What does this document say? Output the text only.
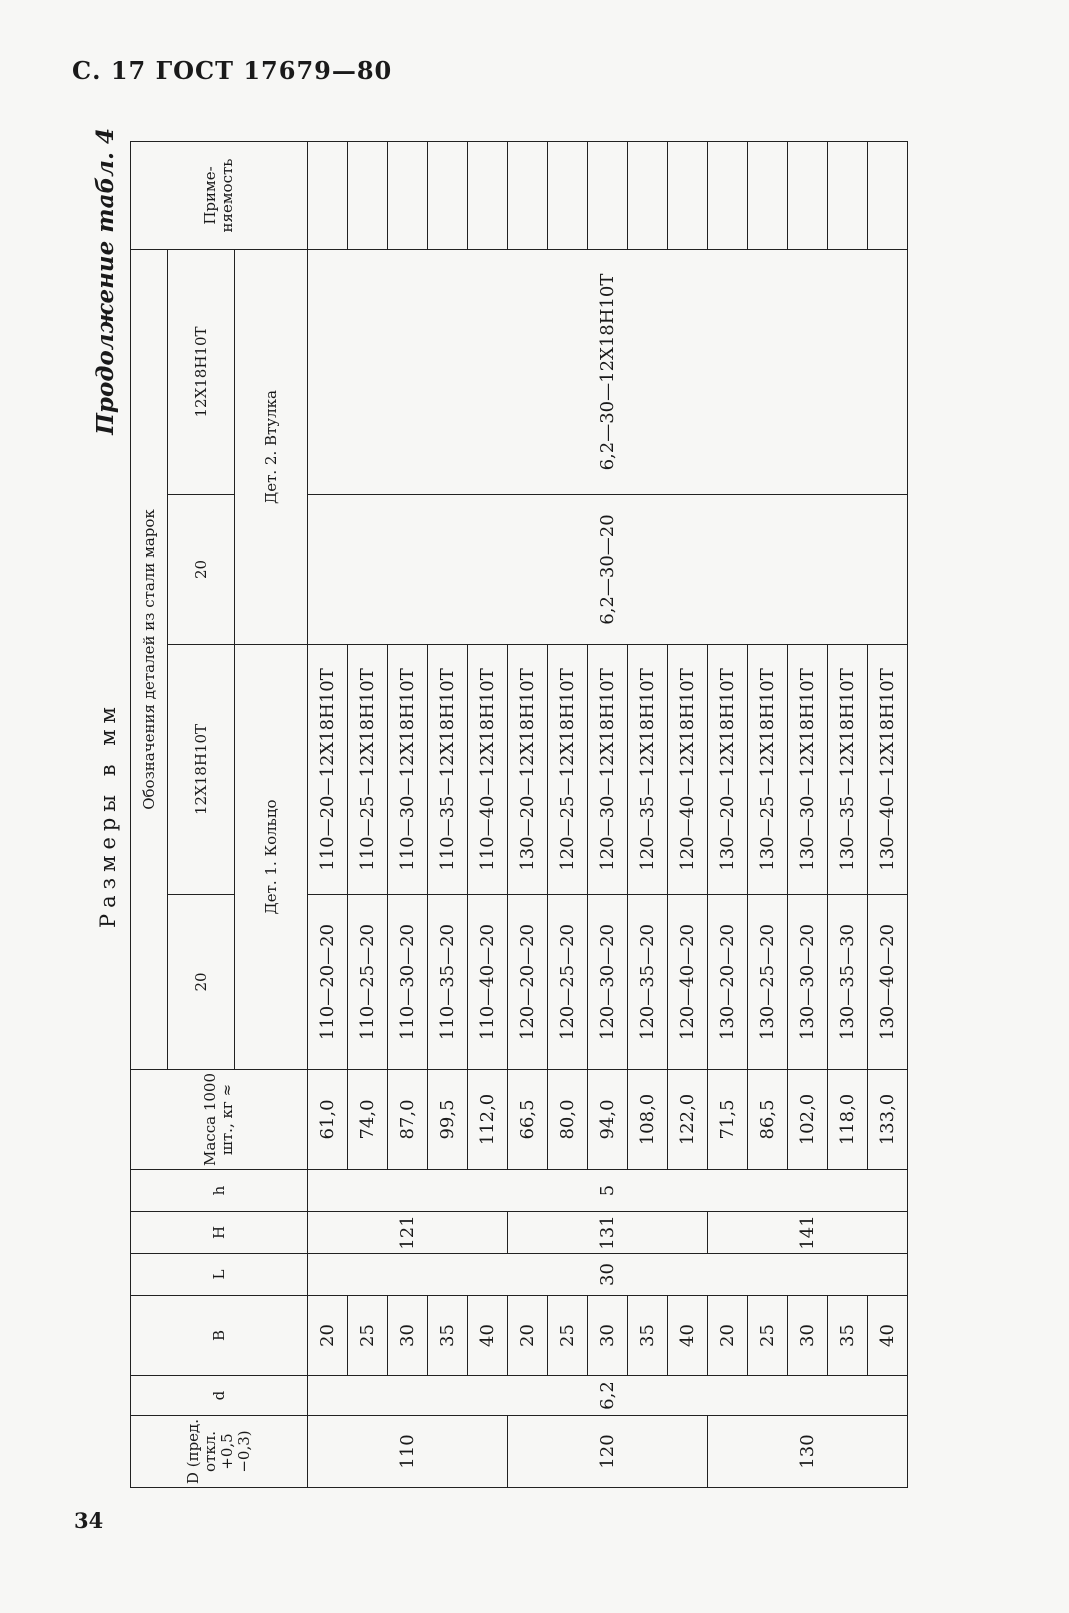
С. 17 ГОСТ 17679—80
Продолжение табл. 4
Размеры в мм
D (пред. откл. +0,5 −0,3)	d	B	L	H	h	Масса 1000 шт., кг ≈	Обозначения деталей из стали марок				Приме-няемость
							20	12Х18Н10Т	20	12Х18Н10Т	
							Дет. 1. Кольцо		Дет. 2. Втулка		
110	6,2	20	30	121	5	61,0	110—20—20	110—20—12Х18Н10Т	6,2—30—20	6,2—30—12Х18Н10Т	
		25				74,0	110—25—20	110—25—12Х18Н10Т			
		30				87,0	110—30—20	110—30—12Х18Н10Т			
		35				99,5	110—35—20	110—35—12Х18Н10Т			
		40				112,0	110—40—20	110—40—12Х18Н10Т			
120		20		131		66,5	120—20—20	130—20—12Х18Н10Т			
		25				80,0	120—25—20	120—25—12Х18Н10Т			
		30				94,0	120—30—20	120—30—12Х18Н10Т			
		35				108,0	120—35—20	120—35—12Х18Н10Т			
		40				122,0	120—40—20	120—40—12Х18Н10Т			
130		20		141		71,5	130—20—20	130—20—12Х18Н10Т			
		25				86,5	130—25—20	130—25—12Х18Н10Т			
		30				102,0	130—30—20	130—30—12Х18Н10Т			
		35				118,0	130—35—30	130—35—12Х18Н10Т			
		40				133,0	130—40—20	130—40—12Х18Н10Т			
34
